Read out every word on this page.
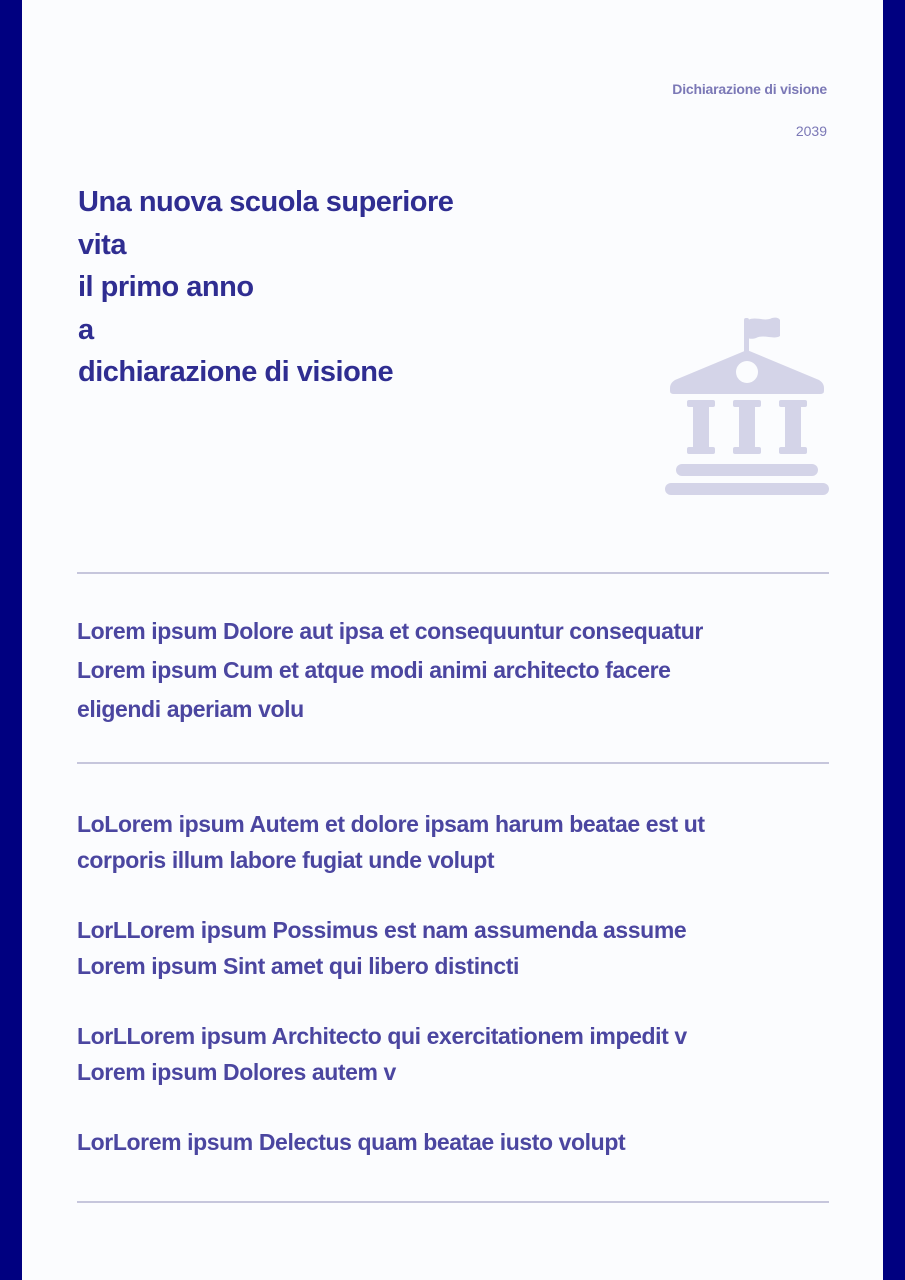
Dichiarazione di visione
2039
Una nuova scuola superiore
vita
il primo anno
a
dichiarazione di visione

Lorem ipsum Dolore aut ipsa et consequuntur consequatur
Lorem ipsum Cum et atque modi animi architecto facere
eligendi aperiam volu

LoLorem ipsum Autem et dolore ipsam harum beatae est ut
corporis illum labore fugiat unde volupt
LorLLorem ipsum Possimus est nam assumenda assume
Lorem ipsum Sint amet qui libero distincti
LorLLorem ipsum Architecto qui exercitationem impedit v
Lorem ipsum Dolores autem v
LorLorem ipsum Delectus quam beatae iusto volupt
